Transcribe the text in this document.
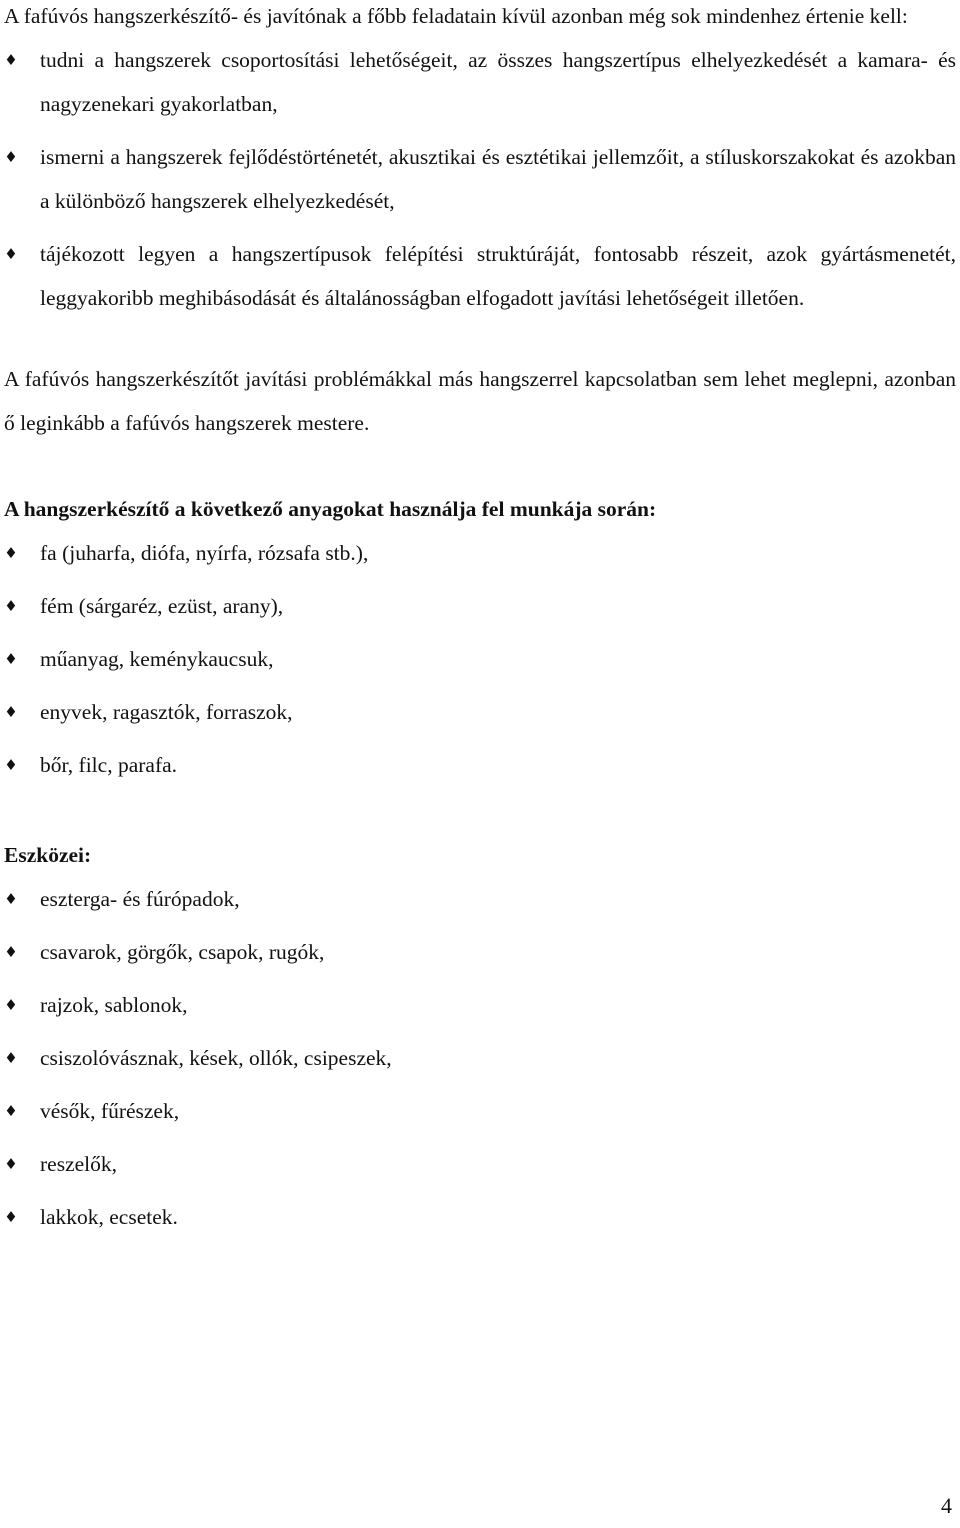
A fafúvós hangszerkészítő- és javítónak a főbb feladatain kívül azonban még sok mindenhez értenie kell:

♦ tudni a hangszerek csoportosítási lehetőségeit, az összes hangszertípus elhelyezkedését a kamara- és nagyzenekari gyakorlatban,
♦ ismerni a hangszerek fejlődéstörténetét, akusztikai és esztétikai jellemzőit, a stíluskorszakokat és azokban a különböző hangszerek elhelyezkedését,
♦ tájékozott legyen a hangszertípusok felépítési struktúráját, fontosabb részeit, azok gyártásmenetét, leggyakoribb meghibásodását és általánosságban elfogadott javítási lehetőségeit illetően.

A fafúvós hangszerkészítőt javítási problémákkal más hangszerrel kapcsolatban sem lehet meglepni, azonban ő leginkább a fafúvós hangszerek mestere.

A hangszerkészítő a következő anyagokat használja fel munkája során:
♦ fa (juharfa, diófa, nyírfa, rózsafa stb.),
♦ fém (sárgaréz, ezüst, arany),
♦ műanyag, keménykaucsuk,
♦ enyvek, ragasztók, forraszok,
♦ bőr, filc, parafa.
Eszközei:
♦ eszterga- és fúrópadok,
♦ csavarok, görgők, csapok, rugók,
♦ rajzok, sablonok,
♦ csiszolóvásznak, kések, ollók, csipeszek,
♦ vésők, fűrészek,
♦ reszelők,
♦ lakkok, ecsetek.
4
